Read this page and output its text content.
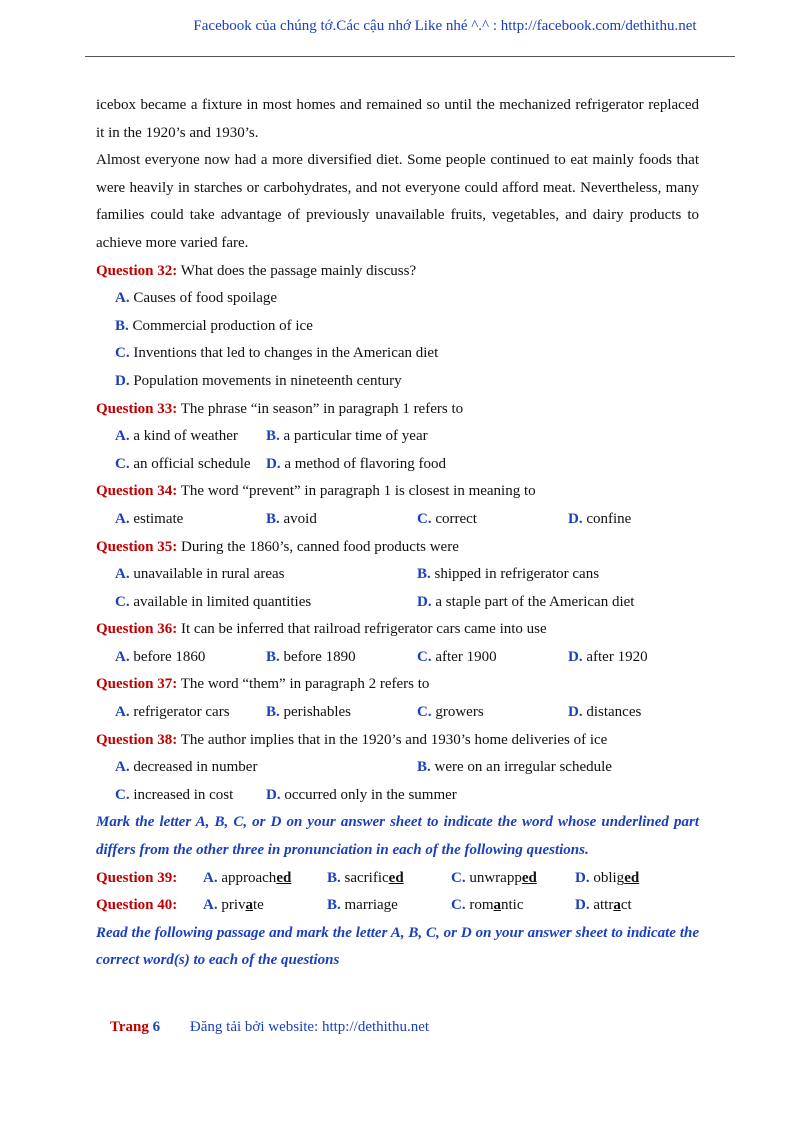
Facebook của chúng tớ.Các cậu nhớ Like nhé ^.^ : http://facebook.com/dethithu.net

icebox became a fixture in most homes and remained so until the mechanized refrigerator replaced it in the 1920’s and 1930’s.

Almost everyone now had a more diversified diet. Some people continued to eat mainly foods that were heavily in starches or carbohydrates, and not everyone could afford meat. Nevertheless, many families could take advantage of previously unavailable fruits, vegetables, and dairy products to achieve more varied fare.

Question 32: What does the passage mainly discuss?

A. Causes of food spoilage

B. Commercial production of ice

C. Inventions that led to changes in the American diet

D. Population movements in nineteenth century

Question 33: The phrase “in season” in paragraph 1 refers to

A. a kind of weather	B. a particular time of year

C. an official schedule	D. a method of flavoring food

Question 34: The word “prevent” in paragraph 1 is closest in meaning to

A. estimate	B. avoid	C. correct	D. confine

Question 35: During the 1860’s, canned food products were

A. unavailable in rural areas	B. shipped in refrigerator cans

C. available in limited quantities	D. a staple part of the American diet

Question 36: It can be inferred that railroad refrigerator cars came into use

A. before 1860	B. before 1890	C. after 1900	D. after 1920

Question 37: The word “them” in paragraph 2 refers to

A. refrigerator cars	B. perishables	C. growers	D. distances

Question 38: The author implies that in the 1920’s and 1930’s home deliveries of ice

A. decreased in number	B. were on an irregular schedule

C. increased in cost	D. occurred only in the summer

Mark the letter A, B, C, or D on your answer sheet to indicate the word whose underlined part differs from the other three in pronunciation in each of the following questions.

Question 39:	A. approached	B. sacrificed	C. unwrapped	D. obliged

Question 40:	A. private	B. marriage	C. romantic	D. attract

Read the following passage and mark the letter A, B, C, or D on your answer sheet to indicate the correct word(s) to each of the questions

Trang 6 Đăng tải bởi website: http://dethithu.net
